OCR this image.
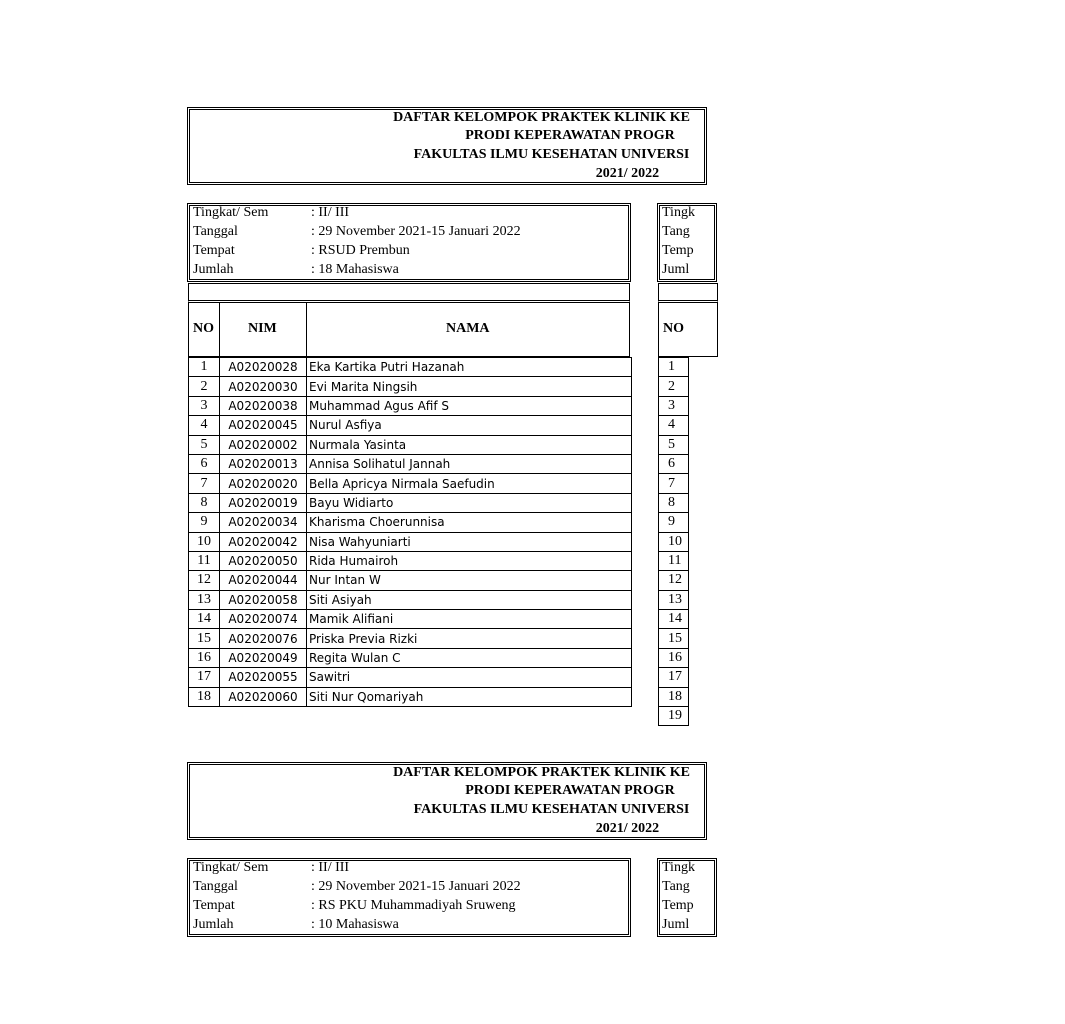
DAFTAR KELOMPOK PRAKTEK KLINIK KE
PRODI KEPERAWATAN PROGR
FAKULTAS ILMU KESEHATAN UNIVERSI
2021/ 2022
Tingkat/ Sem	: II/ III
Tanggal	: 29 November 2021-15 Januari 2022
Tempat	: RSUD Prembun
Jumlah	: 18 Mahasiswa
NO NIM	NAMA
1	A02020028	Eka Kartika Putri Hazanah
2	A02020030	Evi Marita Ningsih
3	A02020038	Muhammad Agus Afif S
4	A02020045	Nurul Asfiya
5	A02020002	Nurmala Yasinta
6	A02020013	Annisa Solihatul Jannah
7	A02020020	Bella Apricya Nirmala Saefudin
8	A02020019	Bayu Widiarto
9	A02020034	Kharisma Choerunnisa
10	A02020042	Nisa Wahyuniarti
11	A02020050	Rida Humairoh
12	A02020044	Nur Intan W
13	A02020058	Siti Asiyah
14	A02020074	Mamik Alifiani
15	A02020076	Priska Previa Rizki
16	A02020049	Regita Wulan C
17	A02020055	Sawitri
18	A02020060	Siti Nur Qomariyah
Tingk
Tang
Temp
Juml
NO
1
2
3
4
5
6
7
8
9
10
11
12
13
14
15
16
17
18
19
DAFTAR KELOMPOK PRAKTEK KLINIK KE
PRODI KEPERAWATAN PROGR
FAKULTAS ILMU KESEHATAN UNIVERSI
2021/ 2022
Tingkat/ Sem	: II/ III
Tanggal	: 29 November 2021-15 Januari 2022
Tempat	: RS PKU Muhammadiyah Sruweng
Jumlah	: 10 Mahasiswa
Tingk
Tang
Temp
Juml
